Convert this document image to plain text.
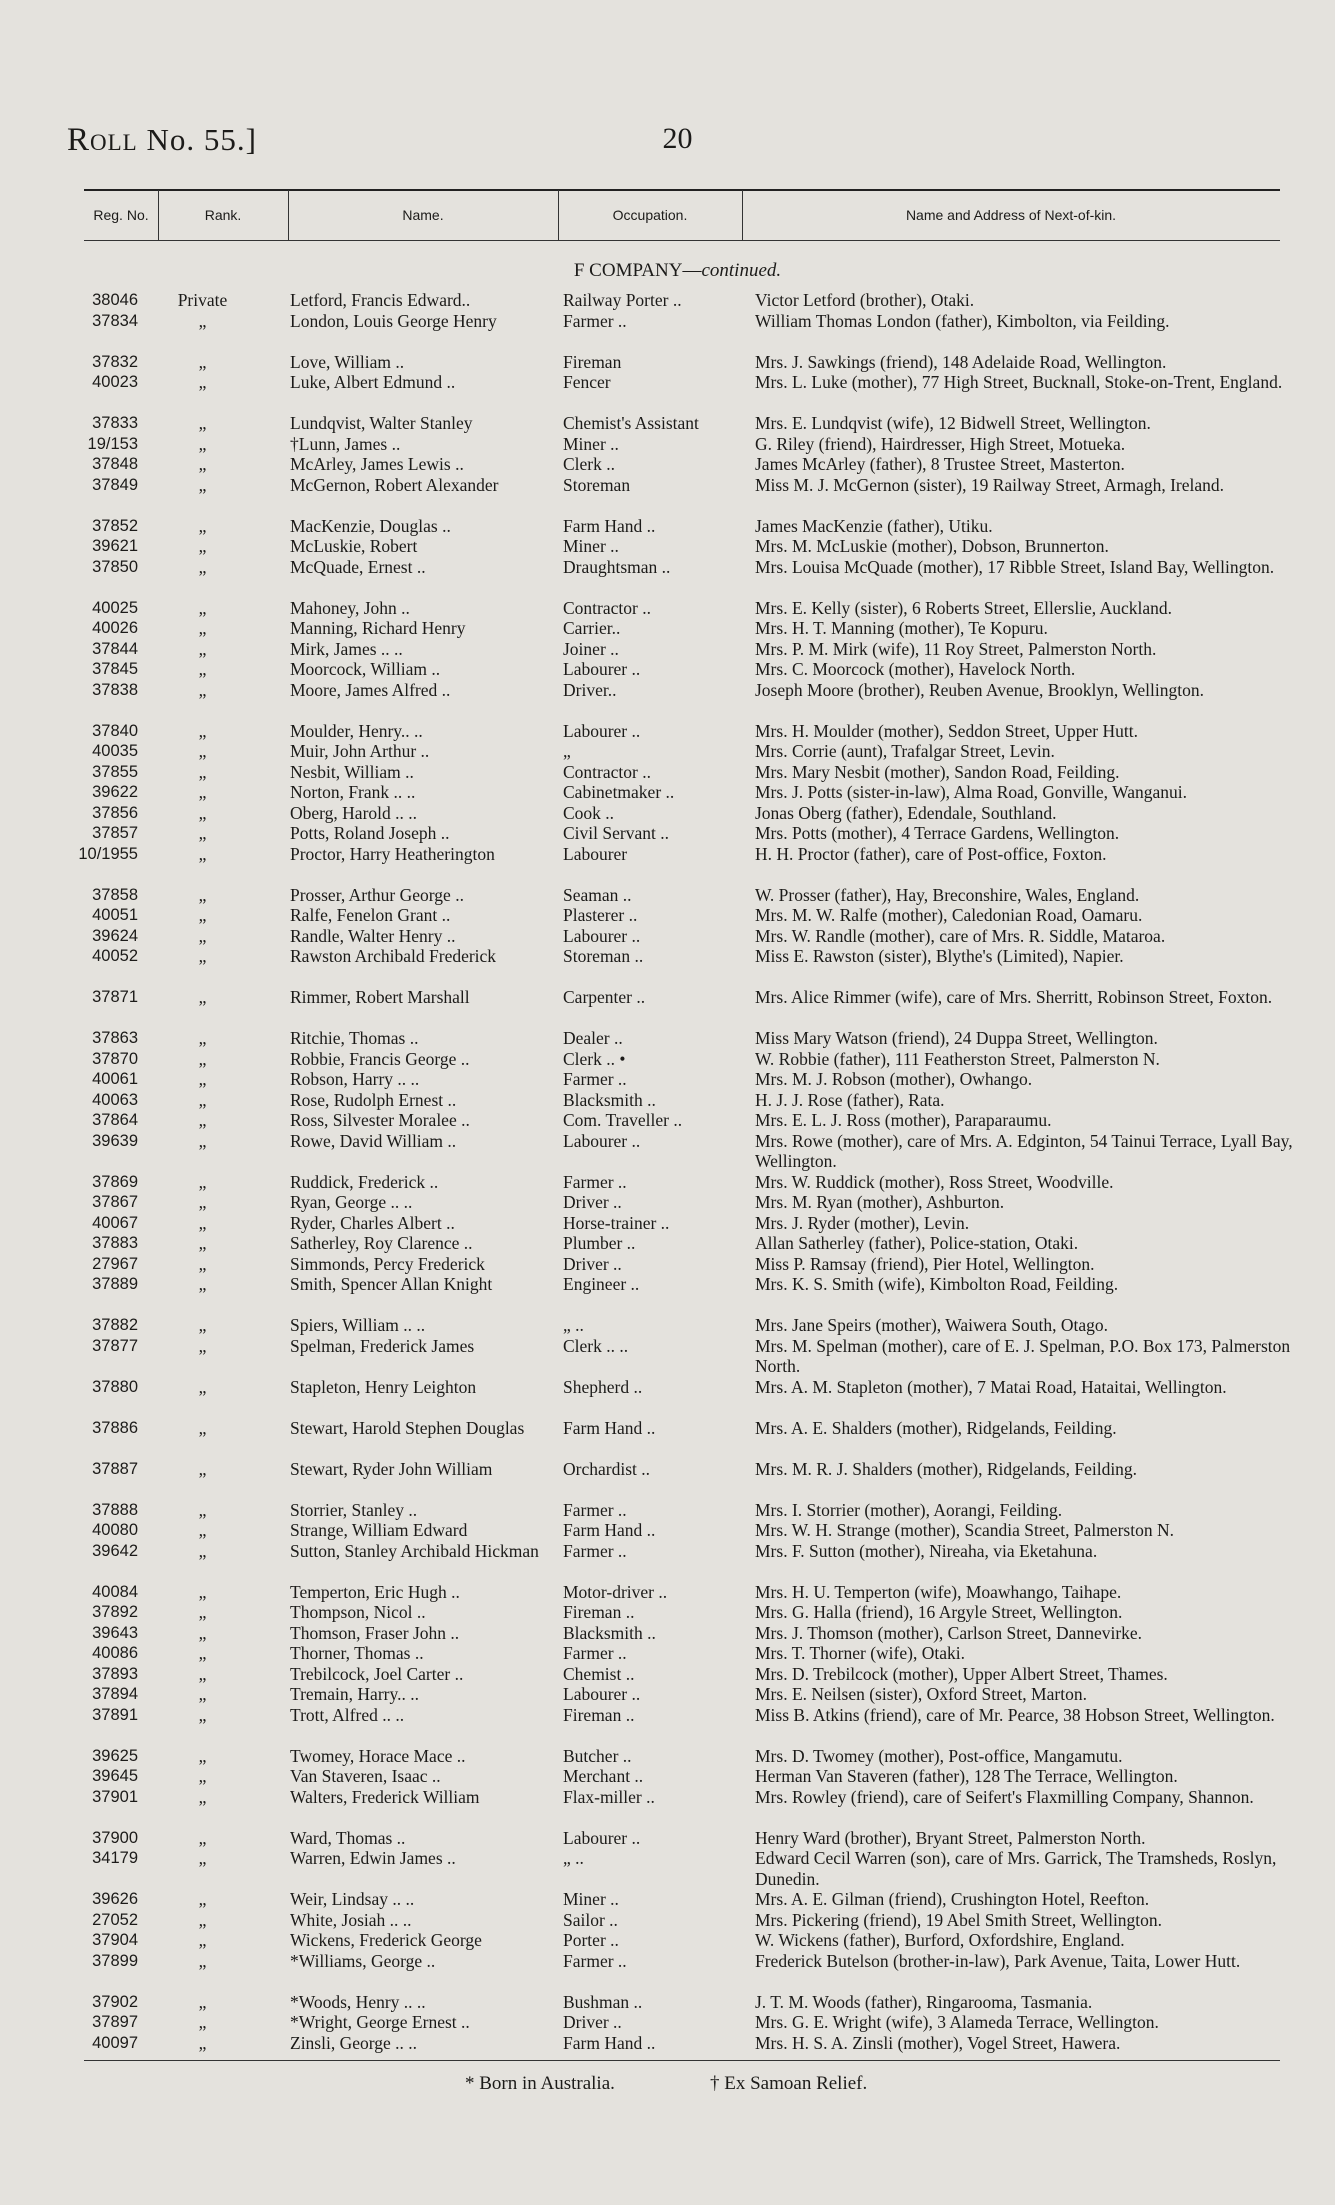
Roll No. 55.]	20
Reg. No.	Rank.	Name.	Occupation.	Name and Address of Next-of-kin.
F COMPANY—continued.
38046	Private	Letford, Francis Edward..	Railway Porter ..	Victor Letford (brother), Otaki.
37834	„	London, Louis George Henry	Farmer ..	William Thomas London (father), Kimbolton, via Feilding.
37832	„	Love, William ..	Fireman	Mrs. J. Sawkings (friend), 148 Adelaide Road, Wellington.
40023	„	Luke, Albert Edmund ..	Fencer	Mrs. L. Luke (mother), 77 High Street, Bucknall, Stoke-on-Trent, England.
37833	„	Lundqvist, Walter Stanley	Chemist's Assistant	Mrs. E. Lundqvist (wife), 12 Bidwell Street, Wellington.
19/153	„	†Lunn, James ..	Miner ..	G. Riley (friend), Hairdresser, High Street, Motueka.
37848	„	McArley, James Lewis ..	Clerk ..	James McArley (father), 8 Trustee Street, Masterton.
37849	„	McGernon, Robert Alexander	Storeman	Miss M. J. McGernon (sister), 19 Railway Street, Armagh, Ireland.
37852	„	MacKenzie, Douglas ..	Farm Hand ..	James MacKenzie (father), Utiku.
39621	„	McLuskie, Robert	Miner ..	Mrs. M. McLuskie (mother), Dobson, Brunnerton.
37850	„	McQuade, Ernest ..	Draughtsman ..	Mrs. Louisa McQuade (mother), 17 Ribble Street, Island Bay, Wellington.
40025	„	Mahoney, John ..	Contractor ..	Mrs. E. Kelly (sister), 6 Roberts Street, Ellerslie, Auckland.
40026	„	Manning, Richard Henry	Carrier..	Mrs. H. T. Manning (mother), Te Kopuru.
37844	„	Mirk, James .. ..	Joiner ..	Mrs. P. M. Mirk (wife), 11 Roy Street, Palmerston North.
37845	„	Moorcock, William ..	Labourer ..	Mrs. C. Moorcock (mother), Havelock North.
37838	„	Moore, James Alfred ..	Driver..	Joseph Moore (brother), Reuben Avenue, Brooklyn, Wellington.
37840	„	Moulder, Henry.. ..	Labourer ..	Mrs. H. Moulder (mother), Seddon Street, Upper Hutt.
40035	„	Muir, John Arthur ..	„	Mrs. Corrie (aunt), Trafalgar Street, Levin.
37855	„	Nesbit, William ..	Contractor ..	Mrs. Mary Nesbit (mother), Sandon Road, Feilding.
39622	„	Norton, Frank .. ..	Cabinetmaker ..	Mrs. J. Potts (sister-in-law), Alma Road, Gonville, Wanganui.
37856	„	Oberg, Harold .. ..	Cook ..	Jonas Oberg (father), Edendale, Southland.
37857	„	Potts, Roland Joseph ..	Civil Servant ..	Mrs. Potts (mother), 4 Terrace Gardens, Wellington.
10/1955	„	Proctor, Harry Heatherington	Labourer	H. H. Proctor (father), care of Post-office, Foxton.
37858	„	Prosser, Arthur George ..	Seaman ..	W. Prosser (father), Hay, Breconshire, Wales, England.
40051	„	Ralfe, Fenelon Grant ..	Plasterer ..	Mrs. M. W. Ralfe (mother), Caledonian Road, Oamaru.
39624	„	Randle, Walter Henry ..	Labourer ..	Mrs. W. Randle (mother), care of Mrs. R. Siddle, Mataroa.
40052	„	Rawston Archibald Frederick	Storeman ..	Miss E. Rawston (sister), Blythe's (Limited), Napier.
37871	„	Rimmer, Robert Marshall	Carpenter ..	Mrs. Alice Rimmer (wife), care of Mrs. Sherritt, Robinson Street, Foxton.
37863	„	Ritchie, Thomas ..	Dealer ..	Miss Mary Watson (friend), 24 Duppa Street, Wellington.
37870	„	Robbie, Francis George ..	Clerk .. •	W. Robbie (father), 111 Featherston Street, Palmerston N.
40061	„	Robson, Harry .. ..	Farmer ..	Mrs. M. J. Robson (mother), Owhango.
40063	„	Rose, Rudolph Ernest ..	Blacksmith ..	H. J. J. Rose (father), Rata.
37864	„	Ross, Silvester Moralee ..	Com. Traveller ..	Mrs. E. L. J. Ross (mother), Paraparaumu.
39639	„	Rowe, David William ..	Labourer ..	Mrs. Rowe (mother), care of Mrs. A. Edginton, 54 Tainui Terrace, Lyall Bay, Wellington.
37869	„	Ruddick, Frederick ..	Farmer ..	Mrs. W. Ruddick (mother), Ross Street, Woodville.
37867	„	Ryan, George .. ..	Driver ..	Mrs. M. Ryan (mother), Ashburton.
40067	„	Ryder, Charles Albert ..	Horse-trainer ..	Mrs. J. Ryder (mother), Levin.
37883	„	Satherley, Roy Clarence ..	Plumber ..	Allan Satherley (father), Police-station, Otaki.
27967	„	Simmonds, Percy Frederick	Driver ..	Miss P. Ramsay (friend), Pier Hotel, Wellington.
37889	„	Smith, Spencer Allan Knight	Engineer ..	Mrs. K. S. Smith (wife), Kimbolton Road, Feilding.
37882	„	Spiers, William .. ..	„ ..	Mrs. Jane Speirs (mother), Waiwera South, Otago.
37877	„	Spelman, Frederick James	Clerk .. ..	Mrs. M. Spelman (mother), care of E. J. Spelman, P.O. Box 173, Palmerston North.
37880	„	Stapleton, Henry Leighton	Shepherd ..	Mrs. A. M. Stapleton (mother), 7 Matai Road, Hataitai, Wellington.
37886	„	Stewart, Harold Stephen Douglas	Farm Hand ..	Mrs. A. E. Shalders (mother), Ridgelands, Feilding.
37887	„	Stewart, Ryder John William	Orchardist ..	Mrs. M. R. J. Shalders (mother), Ridgelands, Feilding.
37888	„	Storrier, Stanley ..	Farmer ..	Mrs. I. Storrier (mother), Aorangi, Feilding.
40080	„	Strange, William Edward	Farm Hand ..	Mrs. W. H. Strange (mother), Scandia Street, Palmerston N.
39642	„	Sutton, Stanley Archibald Hickman	Farmer ..	Mrs. F. Sutton (mother), Nireaha, via Eketahuna.
40084	„	Temperton, Eric Hugh ..	Motor-driver ..	Mrs. H. U. Temperton (wife), Moawhango, Taihape.
37892	„	Thompson, Nicol ..	Fireman ..	Mrs. G. Halla (friend), 16 Argyle Street, Wellington.
39643	„	Thomson, Fraser John ..	Blacksmith ..	Mrs. J. Thomson (mother), Carlson Street, Dannevirke.
40086	„	Thorner, Thomas ..	Farmer ..	Mrs. T. Thorner (wife), Otaki.
37893	„	Trebilcock, Joel Carter ..	Chemist ..	Mrs. D. Trebilcock (mother), Upper Albert Street, Thames.
37894	„	Tremain, Harry.. ..	Labourer ..	Mrs. E. Neilsen (sister), Oxford Street, Marton.
37891	„	Trott, Alfred .. ..	Fireman ..	Miss B. Atkins (friend), care of Mr. Pearce, 38 Hobson Street, Wellington.
39625	„	Twomey, Horace Mace ..	Butcher ..	Mrs. D. Twomey (mother), Post-office, Mangamutu.
39645	„	Van Staveren, Isaac ..	Merchant ..	Herman Van Staveren (father), 128 The Terrace, Wellington.
37901	„	Walters, Frederick William	Flax-miller ..	Mrs. Rowley (friend), care of Seifert's Flaxmilling Company, Shannon.
37900	„	Ward, Thomas ..	Labourer ..	Henry Ward (brother), Bryant Street, Palmerston North.
34179	„	Warren, Edwin James ..	„ ..	Edward Cecil Warren (son), care of Mrs. Garrick, The Tramsheds, Roslyn, Dunedin.
39626	„	Weir, Lindsay .. ..	Miner ..	Mrs. A. E. Gilman (friend), Crushington Hotel, Reefton.
27052	„	White, Josiah .. ..	Sailor ..	Mrs. Pickering (friend), 19 Abel Smith Street, Wellington.
37904	„	Wickens, Frederick George	Porter ..	W. Wickens (father), Burford, Oxfordshire, England.
37899	„	*Williams, George ..	Farmer ..	Frederick Butelson (brother-in-law), Park Avenue, Taita, Lower Hutt.
37902	„	*Woods, Henry .. ..	Bushman ..	J. T. M. Woods (father), Ringarooma, Tasmania.
37897	„	*Wright, George Ernest ..	Driver ..	Mrs. G. E. Wright (wife), 3 Alameda Terrace, Wellington.
40097	„	Zinsli, George .. ..	Farm Hand ..	Mrs. H. S. A. Zinsli (mother), Vogel Street, Hawera.
* Born in Australia.	† Ex Samoan Relief.
